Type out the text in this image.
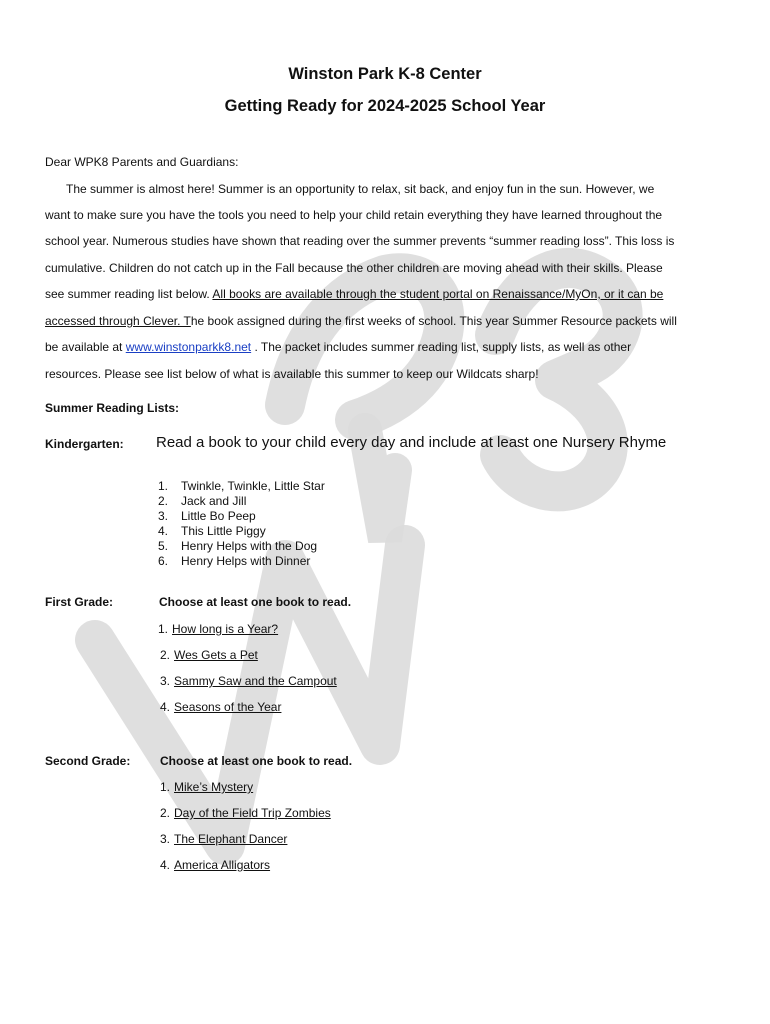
Winston Park K-8 Center
Getting Ready for 2024-2025 School Year
Dear WPK8 Parents and Guardians:
The summer is almost here! Summer is an opportunity to relax, sit back, and enjoy fun in the sun. However, we
want to make sure you have the tools you need to help your child retain everything they have learned throughout the
school year. Numerous studies have shown that reading over the summer prevents “summer reading loss”. This loss is
cumulative. Children do not catch up in the Fall because the other children are moving ahead with their skills. Please
see summer reading list below. All books are available through the student portal on Renaissance/MyOn, or it can be
accessed through Clever. The book assigned during the first weeks of school. This year Summer Resource packets will
be available at www.winstonparkk8.net . The packet includes summer reading list, supply lists, as well as other
resources. Please see list below of what is available this summer to keep our Wildcats sharp!
Summer Reading Lists:
Kindergarten: Read a book to your child every day and include at least one Nursery Rhyme
1. Twinkle, Twinkle, Little Star
2. Jack and Jill
3. Little Bo Peep
4. This Little Piggy
5. Henry Helps with the Dog
6. Henry Helps with Dinner
First Grade:	Choose at least one book to read.
1. How long is a Year?
2. Wes Gets a Pet
3. Sammy Saw and the Campout
4. Seasons of the Year
Second Grade: Choose at least one book to read.
1. Mike’s Mystery
2. Day of the Field Trip Zombies
3. The Elephant Dancer
4. America Alligators
